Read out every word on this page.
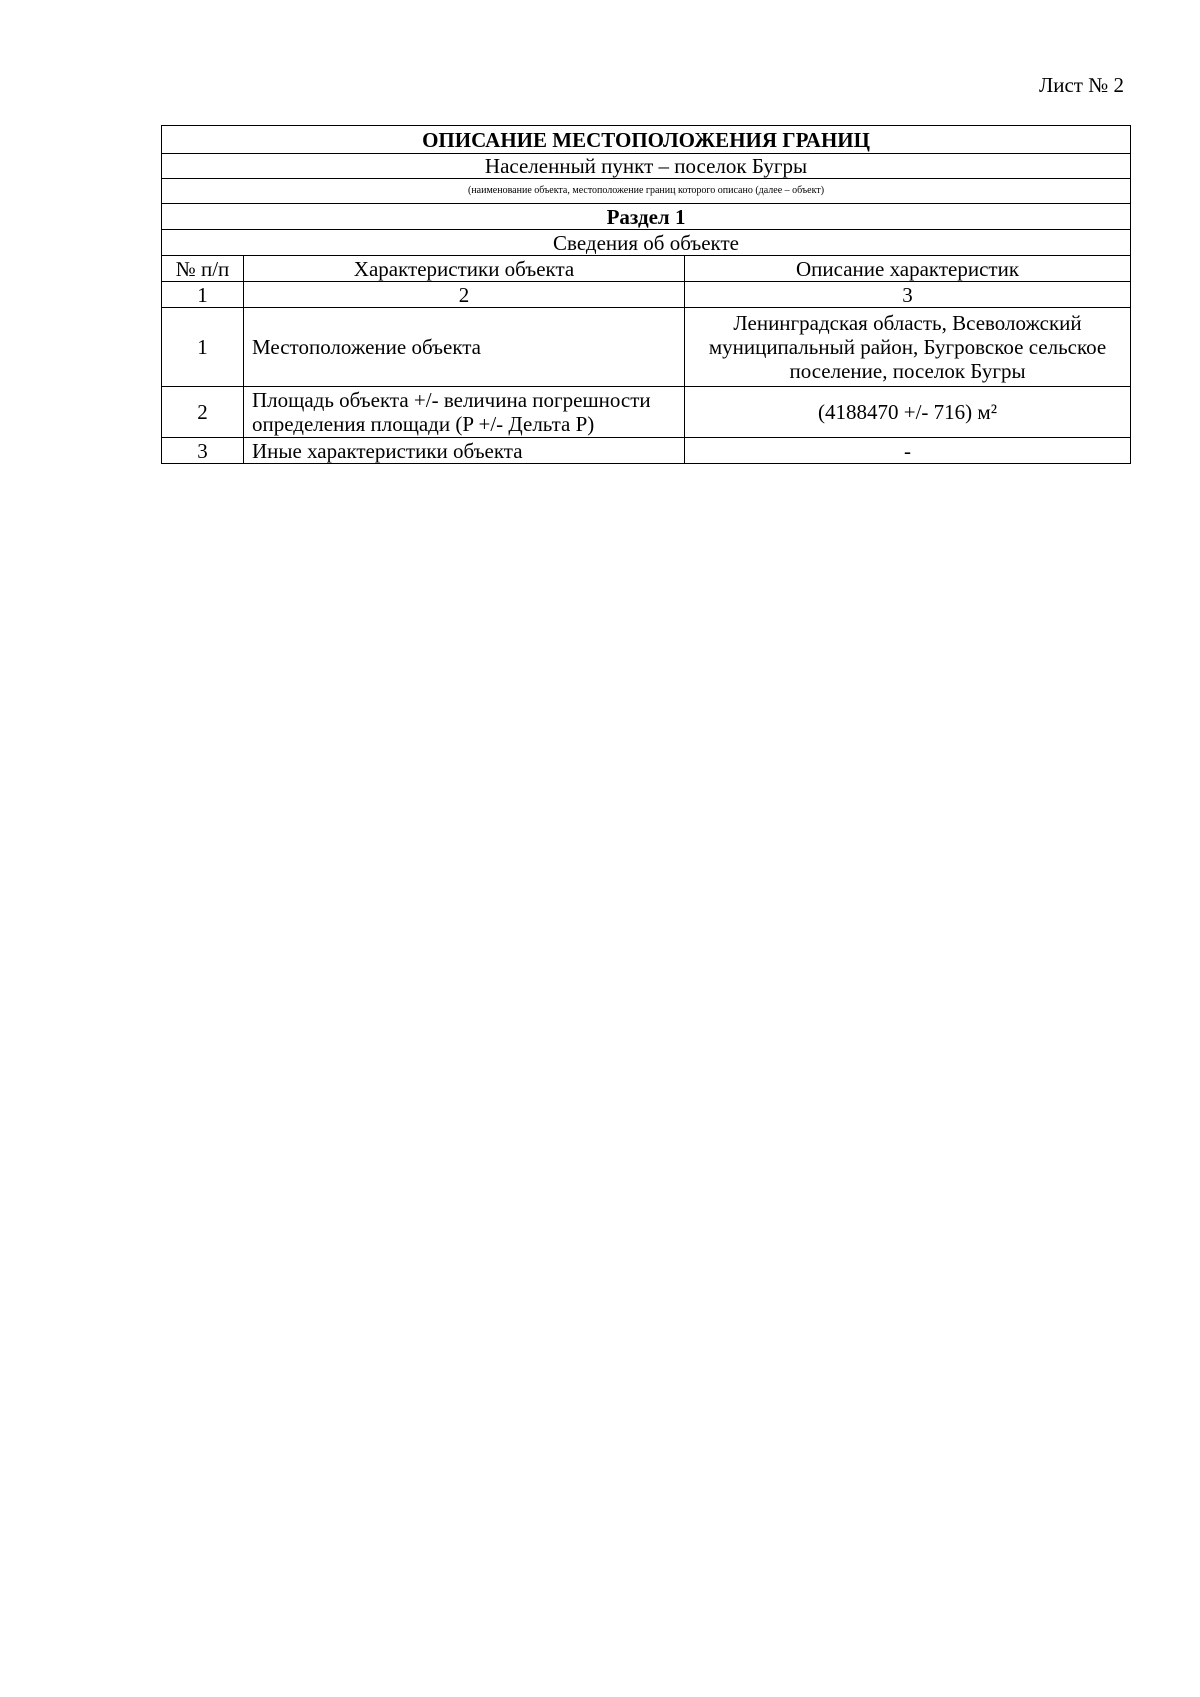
Лист № 2
ОПИСАНИЕ МЕСТОПОЛОЖЕНИЯ ГРАНИЦ		
Населенный пункт – поселок Бугры		
(наименование объекта, местоположение границ которого описано (далее – объект)		
Раздел 1		
Сведения об объекте		
№ п/п	Характеристики объекта	Описание характеристик
1	2	3
1	Местоположение объекта	Ленинградская область, Всеволожский муниципальный район, Бугровское сельское поселение, поселок Бугры
2	Площадь объекта +/- величина погрешности определения площади (P +/- Дельта P)	(4188470 +/- 716) м²
3	Иные характеристики объекта	-
